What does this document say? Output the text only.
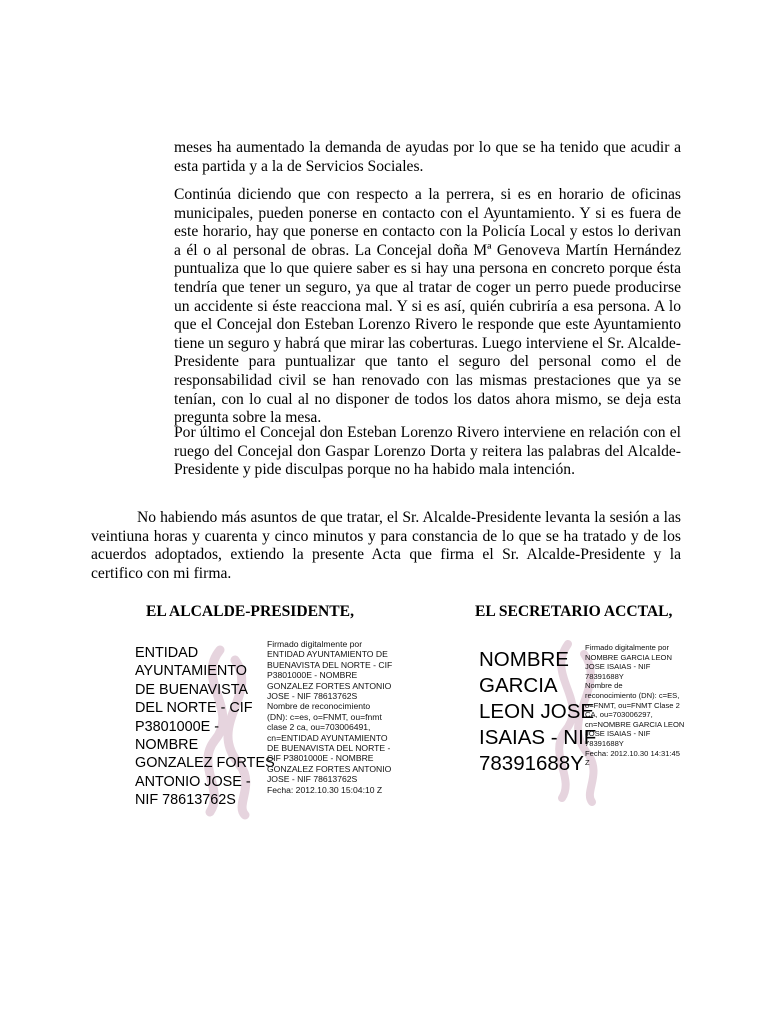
meses ha aumentado la demanda de ayudas por lo que se ha tenido que acudir a esta partida y a la de Servicios Sociales.

Continúa diciendo que con respecto a la perrera, si es en horario de oficinas municipales, pueden ponerse en contacto con el Ayuntamiento. Y si es fuera de este horario, hay que ponerse en contacto con la Policía Local y estos lo derivan a él o al personal de obras. La Concejal doña Mª Genoveva Martín Hernández puntualiza que lo que quiere saber es si hay una persona en concreto porque ésta tendría que tener un seguro, ya que al tratar de coger un perro puede producirse un accidente si éste reacciona mal. Y si es así, quién cubriría a esa persona. A lo que el Concejal don Esteban Lorenzo Rivero le responde que este Ayuntamiento tiene un seguro y habrá que mirar las coberturas. Luego interviene el Sr. Alcalde-Presidente para puntualizar que tanto el seguro del personal como el de responsabilidad civil se han renovado con las mismas prestaciones que ya se tenían, con lo cual al no disponer de todos los datos ahora mismo, se deja esta pregunta sobre la mesa.

Por último el Concejal don Esteban Lorenzo Rivero interviene en relación con el ruego del Concejal don Gaspar Lorenzo Dorta y reitera las palabras del Alcalde-Presidente y pide disculpas porque no ha habido mala intención.

No habiendo más asuntos de que tratar, el Sr. Alcalde-Presidente levanta la sesión a las veintiuna horas y cuarenta y cinco minutos y para constancia de lo que se ha tratado y de los acuerdos adoptados, extiendo la presente Acta que firma el Sr. Alcalde-Presidente y la certifico con mi firma.

EL ALCALDE-PRESIDENTE,	EL SECRETARIO ACCTAL,
ENTIDAD
AYUNTAMIENTO
DE BUENAVISTA
DEL NORTE - CIF
P3801000E -
NOMBRE
GONZALEZ FORTES
ANTONIO JOSE -
NIF 78613762S
Firmado digitalmente por
ENTIDAD AYUNTAMIENTO DE
BUENAVISTA DEL NORTE - CIF
P3801000E - NOMBRE
GONZALEZ FORTES ANTONIO
JOSE - NIF 78613762S
Nombre de reconocimiento
(DN): c=es, o=FNMT, ou=fnmt
clase 2 ca, ou=703006491,
cn=ENTIDAD AYUNTAMIENTO
DE BUENAVISTA DEL NORTE -
CIF P3801000E - NOMBRE
GONZALEZ FORTES ANTONIO
JOSE - NIF 78613762S
Fecha: 2012.10.30 15:04:10 Z
NOMBRE
GARCIA
LEON JOSE
ISAIAS - NIF
78391688Y
Firmado digitalmente por
NOMBRE GARCIA LEON
JOSE ISAIAS - NIF
78391688Y
Nombre de
reconocimiento (DN): c=ES,
o=FNMT, ou=FNMT Clase 2
CA, ou=703006297,
cn=NOMBRE GARCIA LEON
JOSE ISAIAS - NIF
78391688Y
Fecha: 2012.10.30 14:31:45
Z
